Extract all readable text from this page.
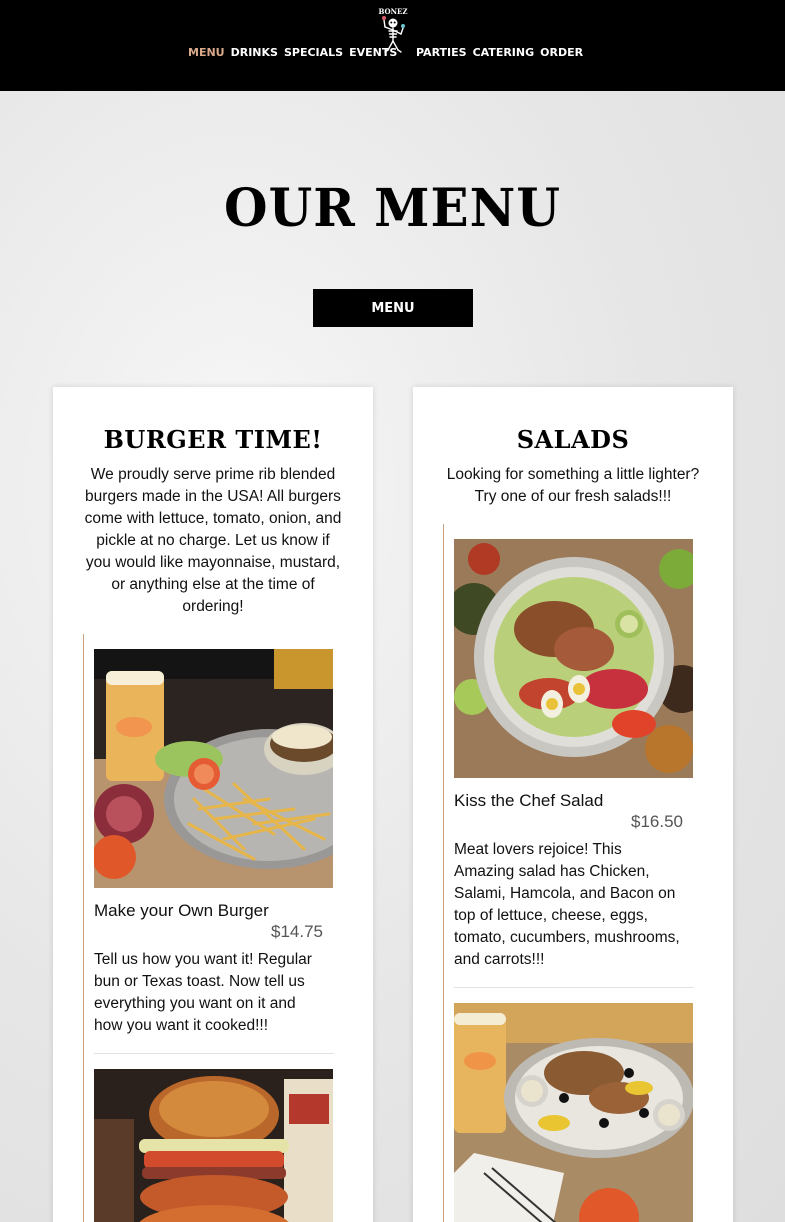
MENU DRINKS SPECIALS EVENTS
BONEZ
PARTIES CATERING ORDER
OUR MENU
MENU
BURGER TIME!

We proudly serve prime rib blended burgers made in the USA! All burgers come with lettuce, tomato, onion, and pickle at no charge. Let us know if you would like mayonnaise, mustard, or anything else at the time of ordering!

Make your Own Burger
$14.75
Tell us how you want it! Regular bun or Texas toast. Now tell us everything you want on it and how you want it cooked!!!
SALADS

Looking for something a little lighter? Try one of our fresh salads!!!

Kiss the Chef Salad
$16.50
Meat lovers rejoice! This Amazing salad has Chicken, Salami, Hamcola, and Bacon on top of lettuce, cheese, eggs, tomato, cucumbers, mushrooms, and carrots!!!
